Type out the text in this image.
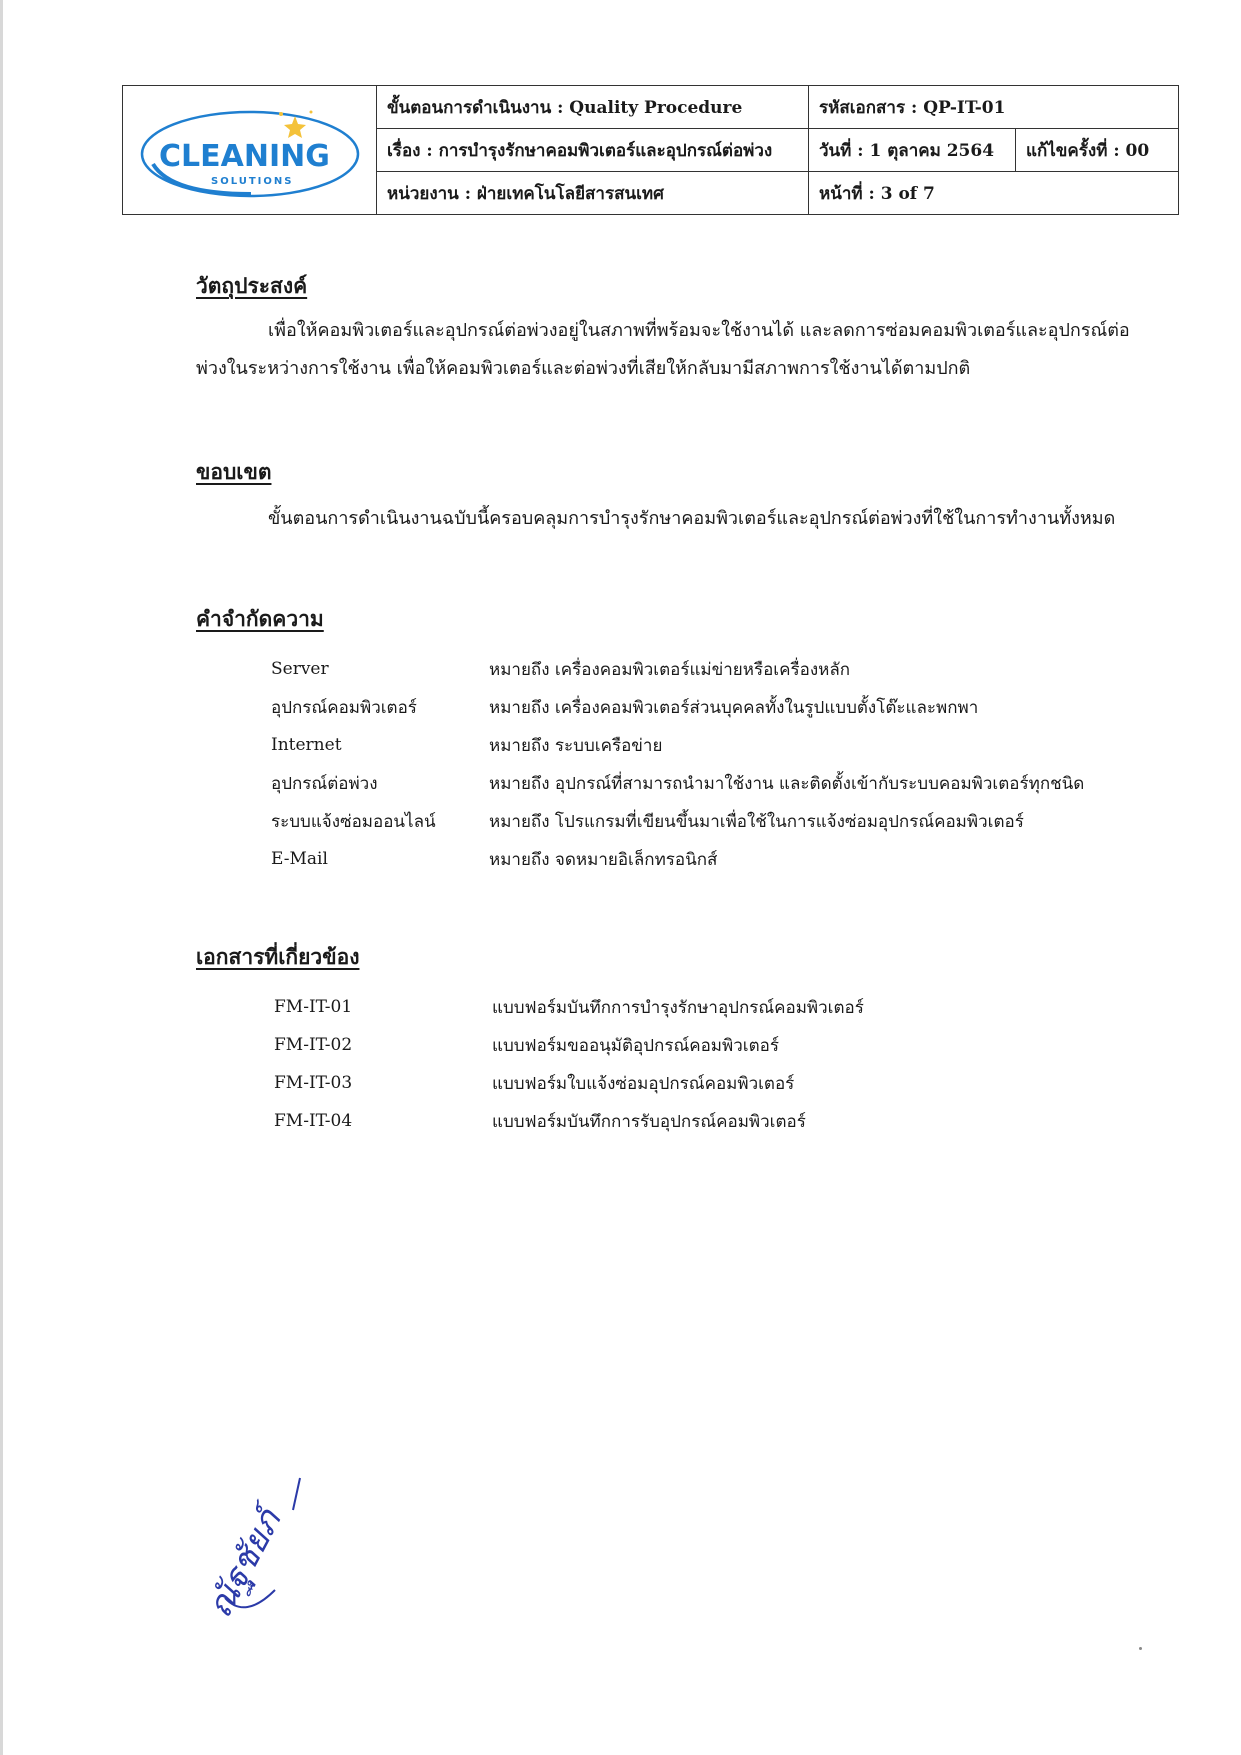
CLEANING
SOLUTIONS	ขั้นตอนการดำเนินงาน : Quality Procedure	รหัสเอกสาร : QP-IT-01	
	เรื่อง : การบำรุงรักษาคอมพิวเตอร์และอุปกรณ์ต่อพ่วง	วันที่ : 1 ตุลาคม 2564	แก้ไขครั้งที่ : 00
	หน่วยงาน : ฝ่ายเทคโนโลยีสารสนเทศ	หน้าที่ : 3 of 7	
วัตถุประสงค์
เพื่อให้คอมพิวเตอร์และอุปกรณ์ต่อพ่วงอยู่ในสภาพที่พร้อมจะใช้งานได้ และลดการซ่อมคอมพิวเตอร์และอุปกรณ์ต่อ
พ่วงในระหว่างการใช้งาน เพื่อให้คอมพิวเตอร์และต่อพ่วงที่เสียให้กลับมามีสภาพการใช้งานได้ตามปกติ
ขอบเขต
ขั้นตอนการดำเนินงานฉบับนี้ครอบคลุมการบำรุงรักษาคอมพิวเตอร์และอุปกรณ์ต่อพ่วงที่ใช้ในการทำงานทั้งหมด
คำจำกัดความ
Server	หมายถึง เครื่องคอมพิวเตอร์แม่ข่ายหรือเครื่องหลัก
อุปกรณ์คอมพิวเตอร์	หมายถึง เครื่องคอมพิวเตอร์ส่วนบุคคลทั้งในรูปแบบตั้งโต๊ะและพกพา
Internet	หมายถึง ระบบเครือข่าย
อุปกรณ์ต่อพ่วง	หมายถึง อุปกรณ์ที่สามารถนำมาใช้งาน และติดตั้งเข้ากับระบบคอมพิวเตอร์ทุกชนิด
ระบบแจ้งซ่อมออนไลน์	หมายถึง โปรแกรมที่เขียนขึ้นมาเพื่อใช้ในการแจ้งซ่อมอุปกรณ์คอมพิวเตอร์
E-Mail	หมายถึง จดหมายอิเล็กทรอนิกส์
เอกสารที่เกี่ยวข้อง
FM-IT-01	แบบฟอร์มบันทึกการบำรุงรักษาอุปกรณ์คอมพิวเตอร์
FM-IT-02	แบบฟอร์มขออนุมัติอุปกรณ์คอมพิวเตอร์
FM-IT-03	แบบฟอร์มใบแจ้งซ่อมอุปกรณ์คอมพิวเตอร์
FM-IT-04	แบบฟอร์มบันทึกการรับอุปกรณ์คอมพิวเตอร์
ณัฐชัยภ์
